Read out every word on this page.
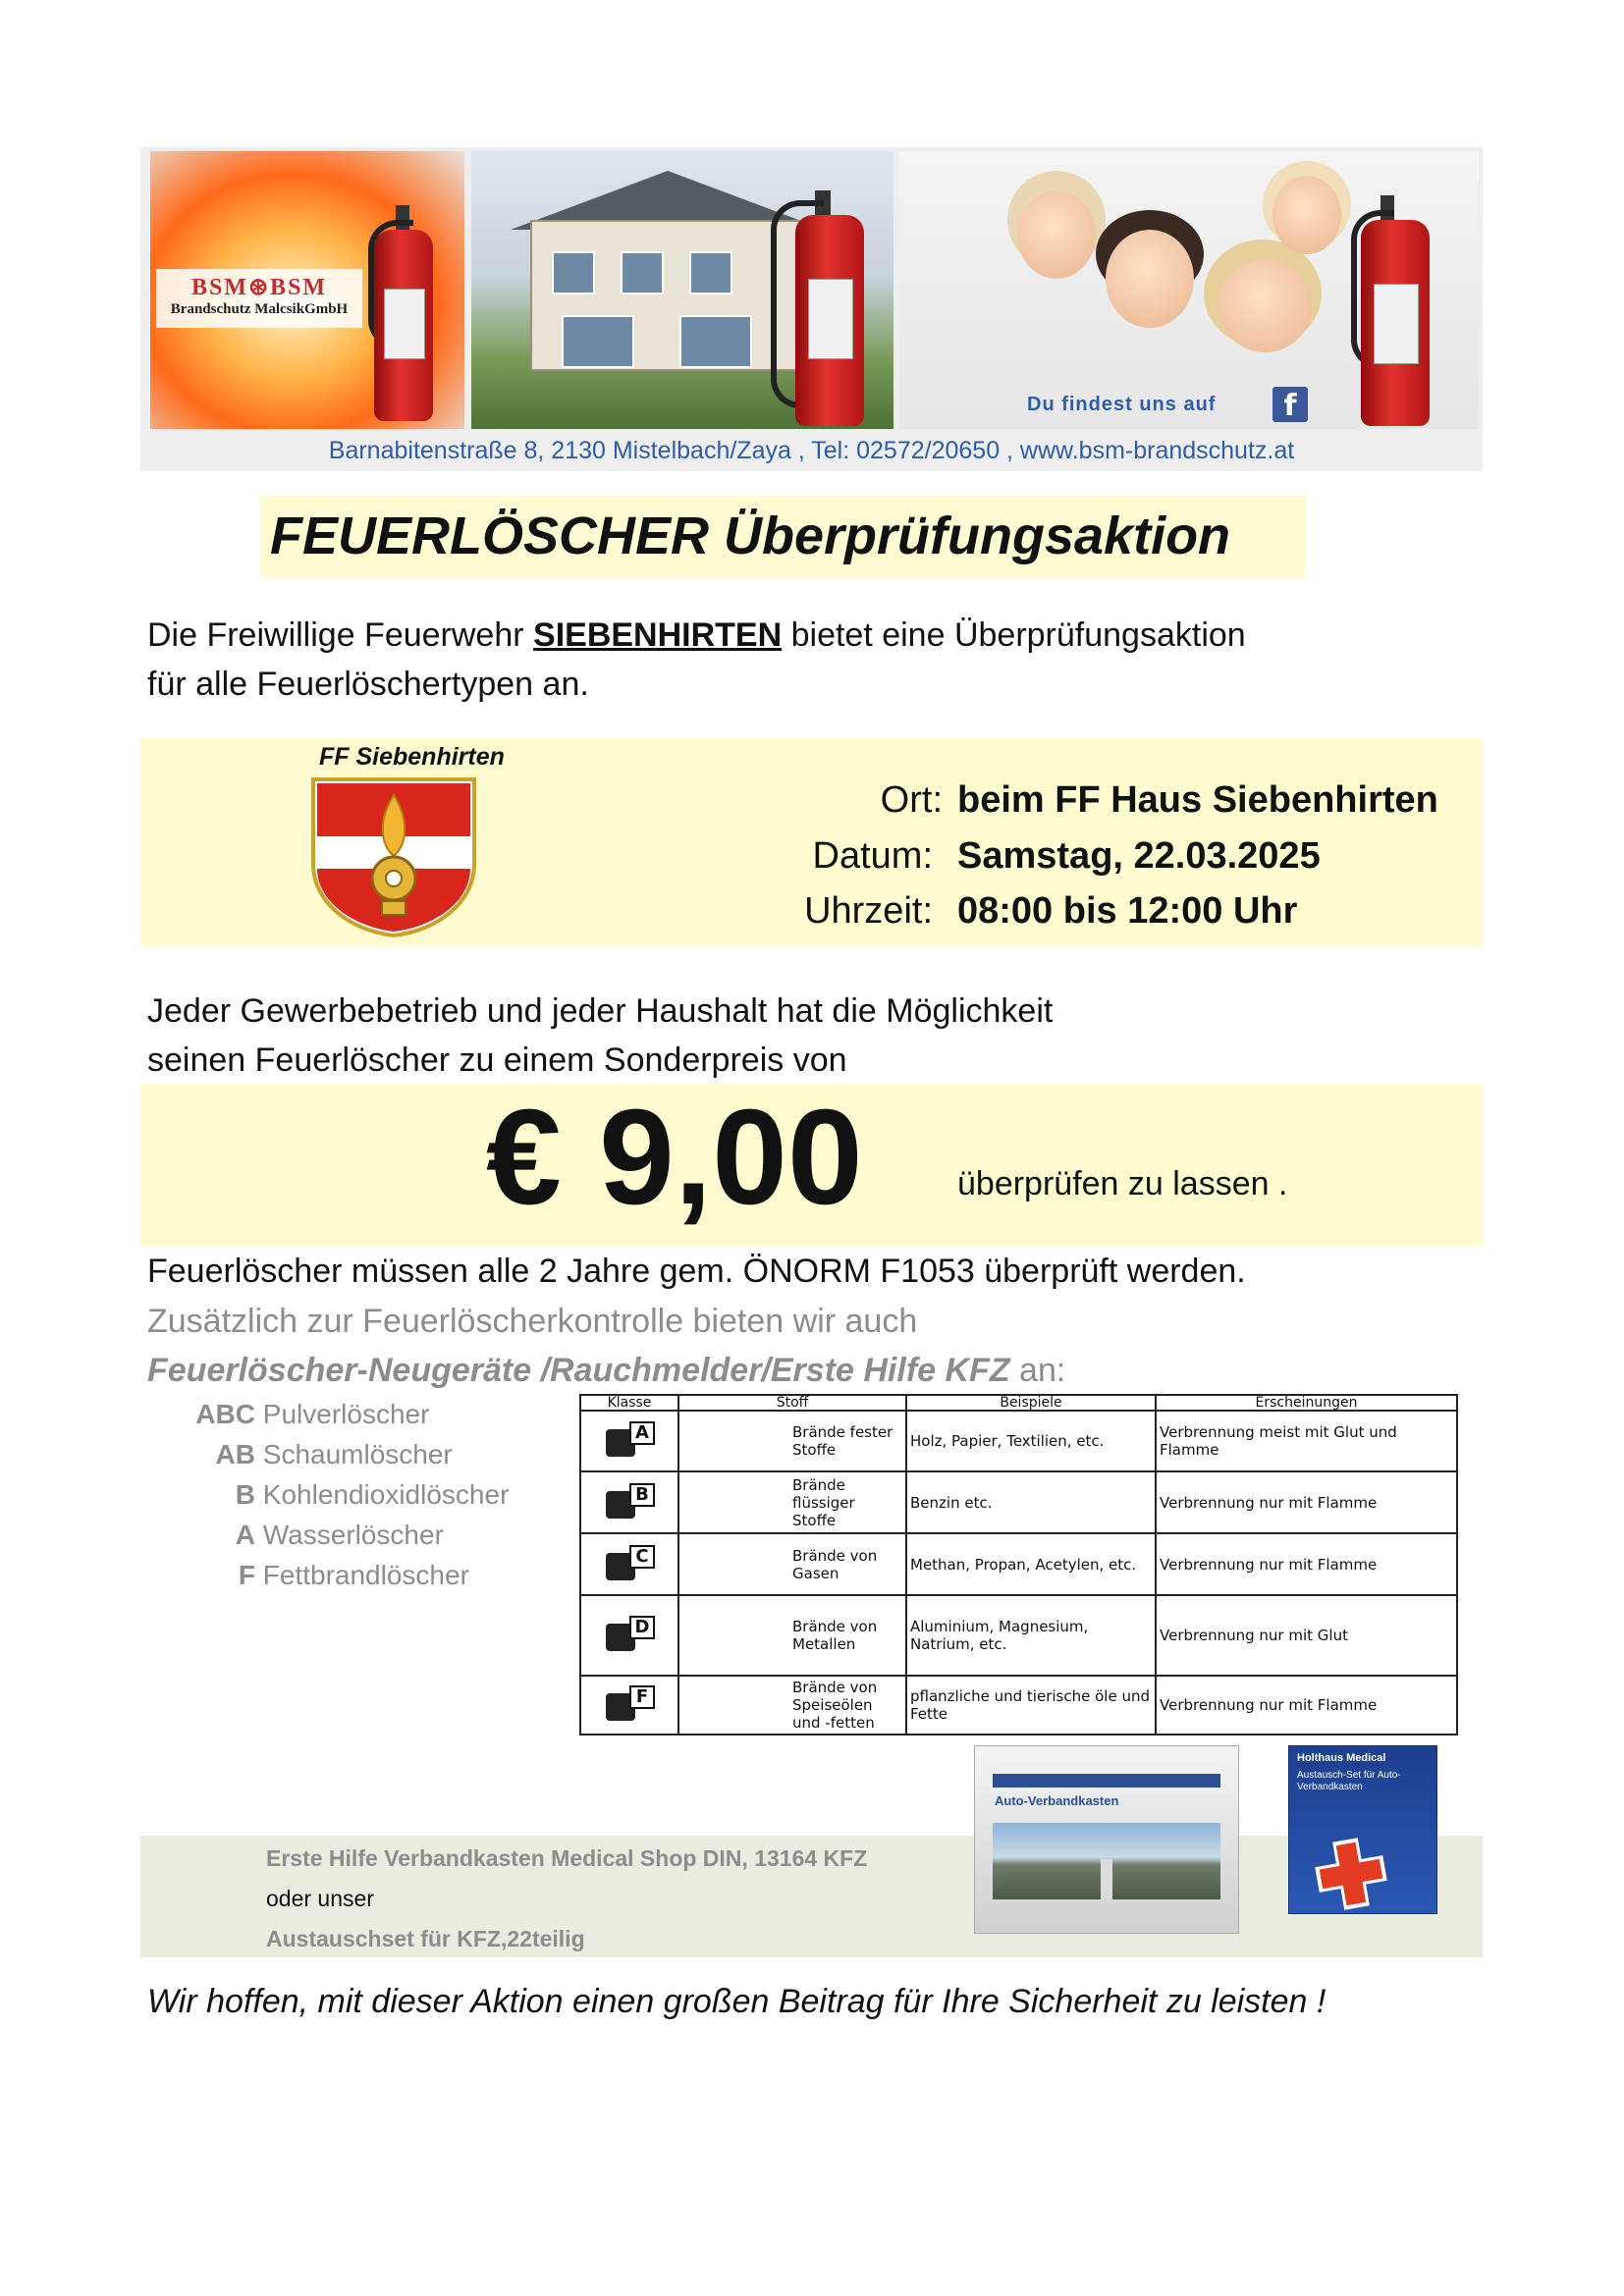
BSM⊛BSM
Brandschutz MalcsikGmbH
Du findest uns auf	f
Barnabitenstraße 8, 2130 Mistelbach/Zaya , Tel: 02572/20650 , www.bsm-brandschutz.at
FEUERLÖSCHER Überprüfungsaktion
Die Freiwillige Feuerwehr SIEBENHIRTEN bietet eine Überprüfungsaktion
für alle Feuerlöschertypen an.
FF Siebenhirten
Ort: beim FF Haus Siebenhirten
Datum: Samstag, 22.03.2025
Uhrzeit: 08:00 bis 12:00 Uhr
Jeder Gewerbebetrieb und jeder Haushalt hat die Möglichkeit
seinen Feuerlöscher zu einem Sonderpreis von
€ 9,00	überprüfen zu lassen .
Feuerlöscher müssen alle 2 Jahre gem. ÖNORM F1053 überprüft werden.
Zusätzlich zur Feuerlöscherkontrolle bieten wir auch
Feuerlöscher-Neugeräte /Rauchmelder/Erste Hilfe KFZ an:
ABC Pulverlöscher
AB Schaumlöscher
B Kohlendioxidlöscher
A Wasserlöscher
F Fettbrandlöscher
Klasse	Stoff	Beispiele	Erscheinungen

A	Brände fester Stoffe	Holz, Papier, Textilien, etc.	Verbrennung meist mit Glut und Flamme

B	Brände flüssiger Stoffe	Benzin etc.	Verbrennung nur mit Flamme

C	Brände von Gasen	Methan, Propan, Acetylen, etc.	Verbrennung nur mit Flamme

D	Brände von Metallen	Aluminium, Magnesium, Natrium, etc.	Verbrennung nur mit Glut

F	Brände von Speiseölen und -fetten	pflanzliche und tierische öle und Fette	Verbrennung nur mit Flamme
Erste Hilfe Verbandkasten Medical Shop DIN, 13164 KFZ
oder unser
Austauschset für KFZ,22teilig
Auto-Verbandkasten
Holthaus Medical
Austausch-Set für Auto-Verbandkasten
Wir hoffen, mit dieser Aktion einen großen Beitrag für Ihre Sicherheit zu leisten !
